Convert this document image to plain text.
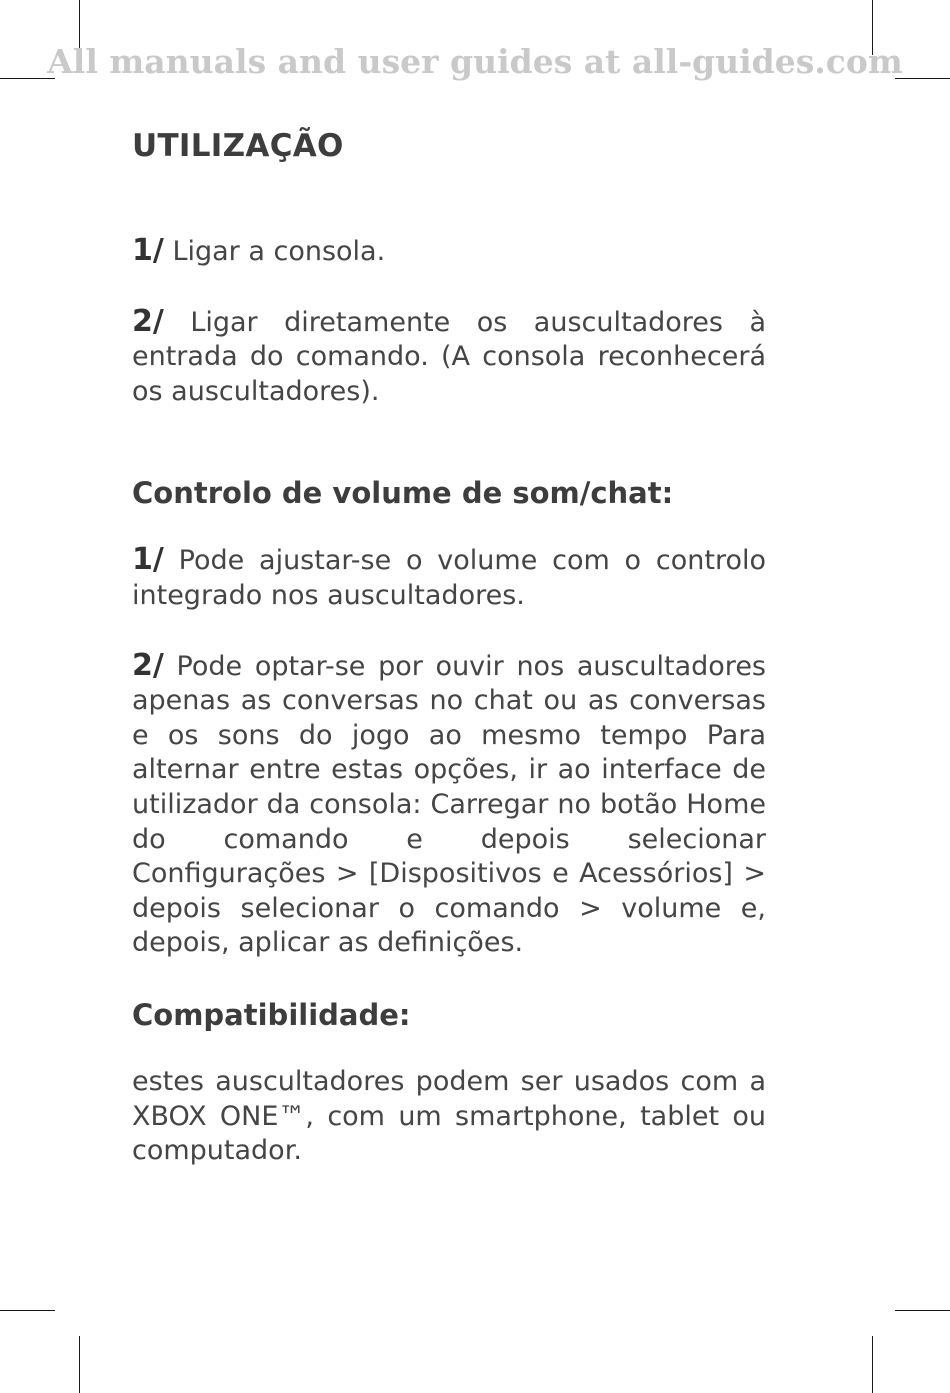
All manuals and user guides at all-guides.com
UTILIZAÇÃO

1/ Ligar a consola.

2/ Ligar diretamente os auscultadores à entrada do comando. (A consola reconhecerá os auscultadores).

Controlo de volume de som/chat:

1/ Pode ajustar-se o volume com o controlo integrado nos auscultadores.

2/ Pode optar-se por ouvir nos auscultadores apenas as conversas no chat ou as conversas e os sons do jogo ao mesmo tempo Para alternar entre estas opções, ir ao interface de utilizador da consola: Carregar no botão Home do comando e depois selecionar Configurações > [Dispositivos e Acessórios] > depois selecionar o comando > volume e, depois, aplicar as definições.

Compatibilidade:

estes auscultadores podem ser usados com a XBOX ONE™, com um smartphone, tablet ou computador.
